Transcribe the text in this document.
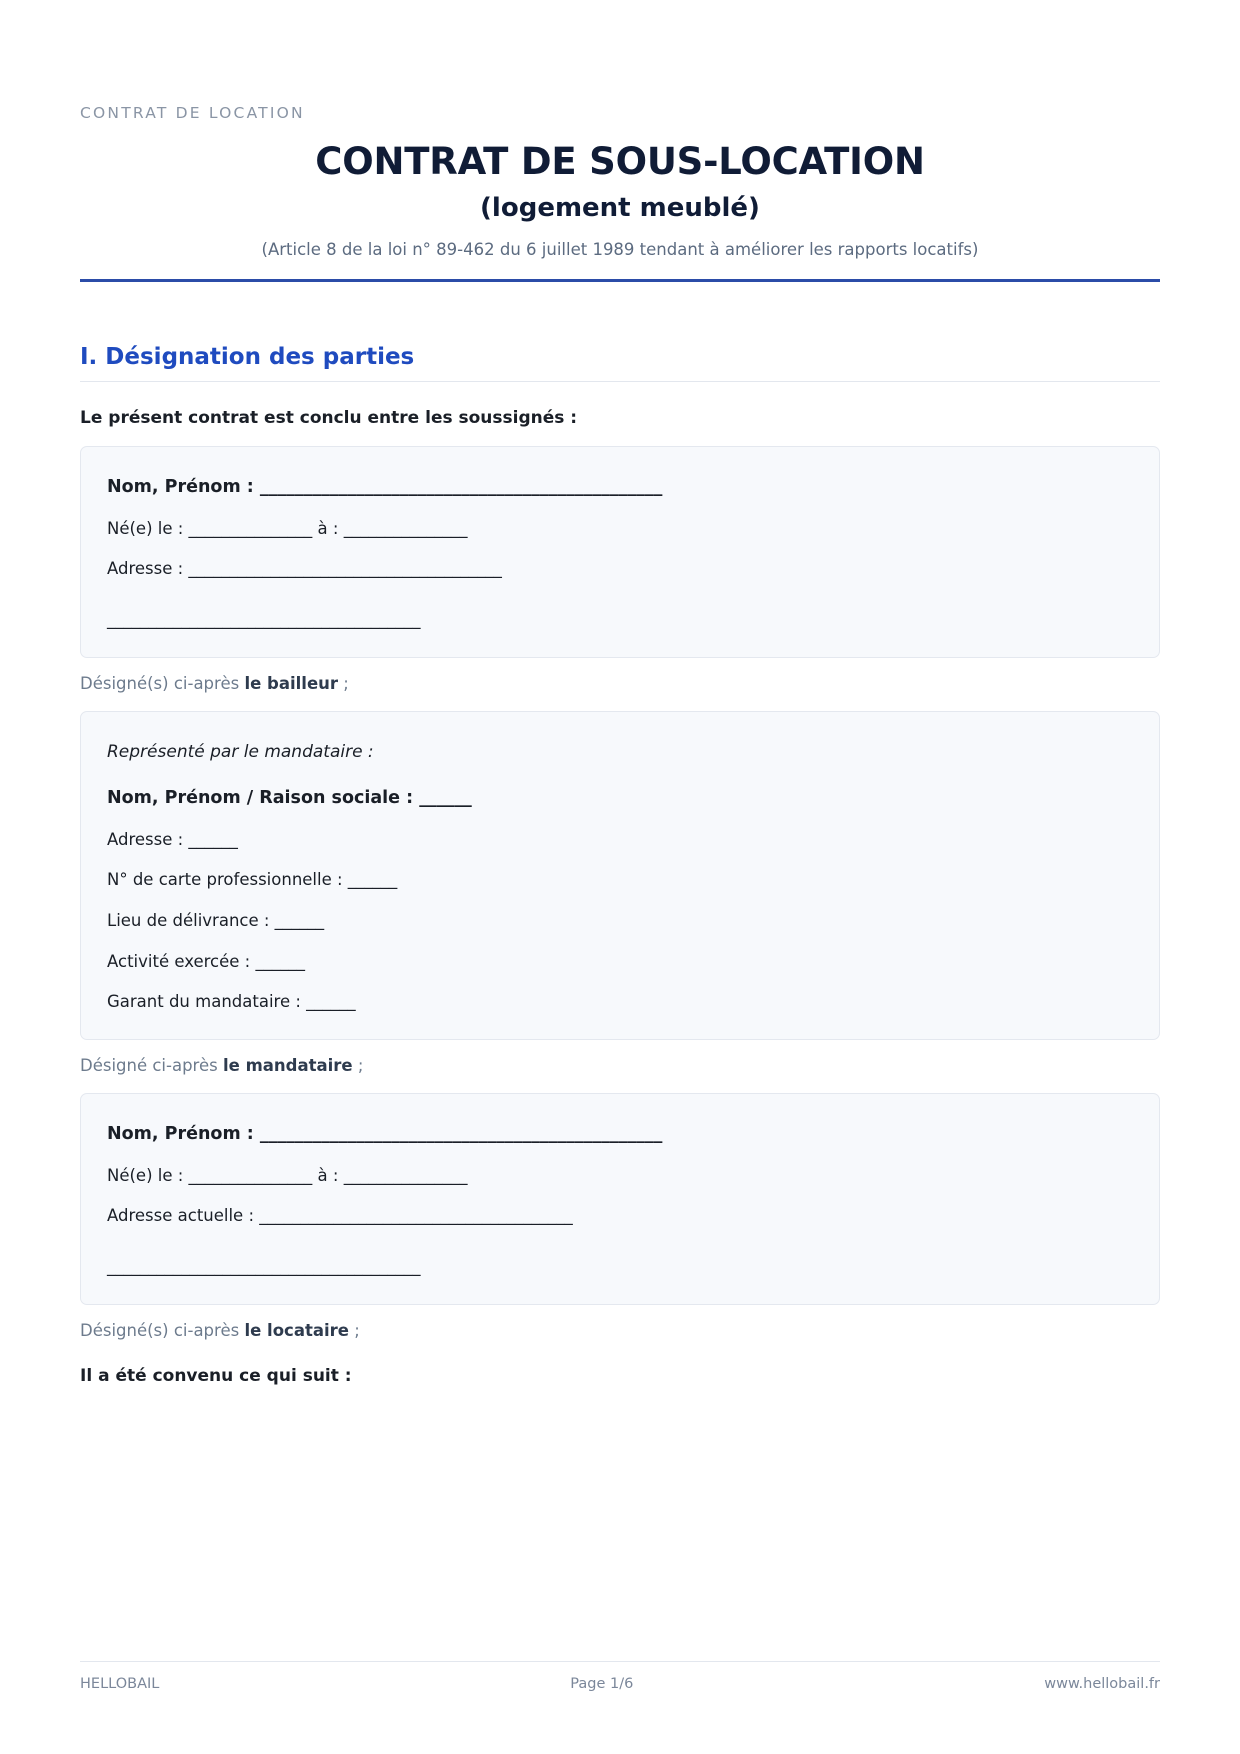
CONTRAT DE LOCATION
CONTRAT DE SOUS-LOCATION
(logement meublé)
(Article 8 de la loi n° 89-462 du 6 juillet 1989 tendant à améliorer les rapports locatifs)
I. Désignation des parties
Le présent contrat est conclu entre les soussignés :
Nom, Prénom : ______________________________________________
Né(e) le : _______________ à : _______________
Adresse : ______________________________________
______________________________________
Désigné(s) ci-après le bailleur ;
Représenté par le mandataire :
Nom, Prénom / Raison sociale : ______
Adresse : ______
N° de carte professionnelle : ______
Lieu de délivrance : ______
Activité exercée : ______
Garant du mandataire : ______
Désigné ci-après le mandataire ;
Nom, Prénom : ______________________________________________
Né(e) le : _______________ à : _______________
Adresse actuelle : ______________________________________
______________________________________
Désigné(s) ci-après le locataire ;
Il a été convenu ce qui suit :
HELLOBAIL	Page 1/6	www.hellobail.fr
